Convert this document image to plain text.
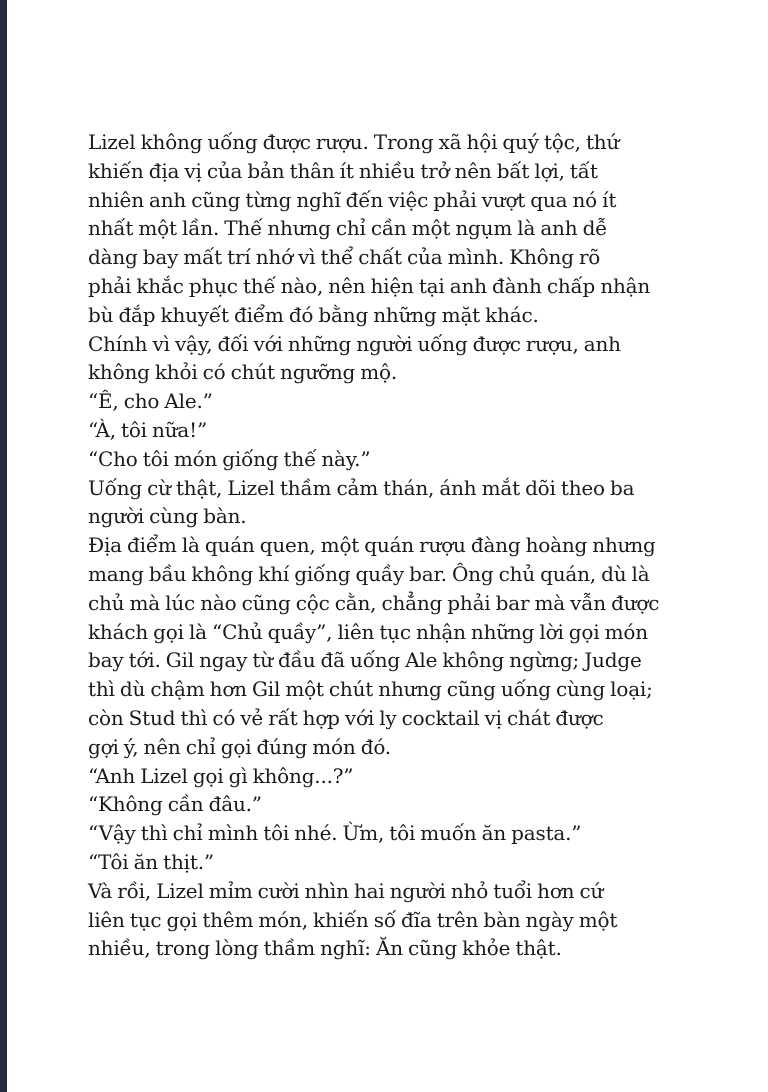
Lizel không uống được rượu. Trong xã hội quý tộc, thứ
khiến địa vị của bản thân ít nhiều trở nên bất lợi, tất
nhiên anh cũng từng nghĩ đến việc phải vượt qua nó ít
nhất một lần. Thế nhưng chỉ cần một ngụm là anh dễ
dàng bay mất trí nhớ vì thể chất của mình. Không rõ
phải khắc phục thế nào, nên hiện tại anh đành chấp nhận
bù đắp khuyết điểm đó bằng những mặt khác.
Chính vì vậy, đối với những người uống được rượu, anh
không khỏi có chút ngưỡng mộ.
“Ê, cho Ale.”
“À, tôi nữa!”
“Cho tôi món giống thế này.”
Uống cừ thật, Lizel thầm cảm thán, ánh mắt dõi theo ba
người cùng bàn.
Địa điểm là quán quen, một quán rượu đàng hoàng nhưng
mang bầu không khí giống quầy bar. Ông chủ quán, dù là
chủ mà lúc nào cũng cộc cằn, chẳng phải bar mà vẫn được
khách gọi là “Chủ quầy”, liên tục nhận những lời gọi món
bay tới. Gil ngay từ đầu đã uống Ale không ngừng; Judge
thì dù chậm hơn Gil một chút nhưng cũng uống cùng loại;
còn Stud thì có vẻ rất hợp với ly cocktail vị chát được
gợi ý, nên chỉ gọi đúng món đó.
“Anh Lizel gọi gì không...?”
“Không cần đâu.”
“Vậy thì chỉ mình tôi nhé. Ừm, tôi muốn ăn pasta.”
“Tôi ăn thịt.”
Và rồi, Lizel mỉm cười nhìn hai người nhỏ tuổi hơn cứ
liên tục gọi thêm món, khiến số đĩa trên bàn ngày một
nhiều, trong lòng thầm nghĩ: Ăn cũng khỏe thật.
